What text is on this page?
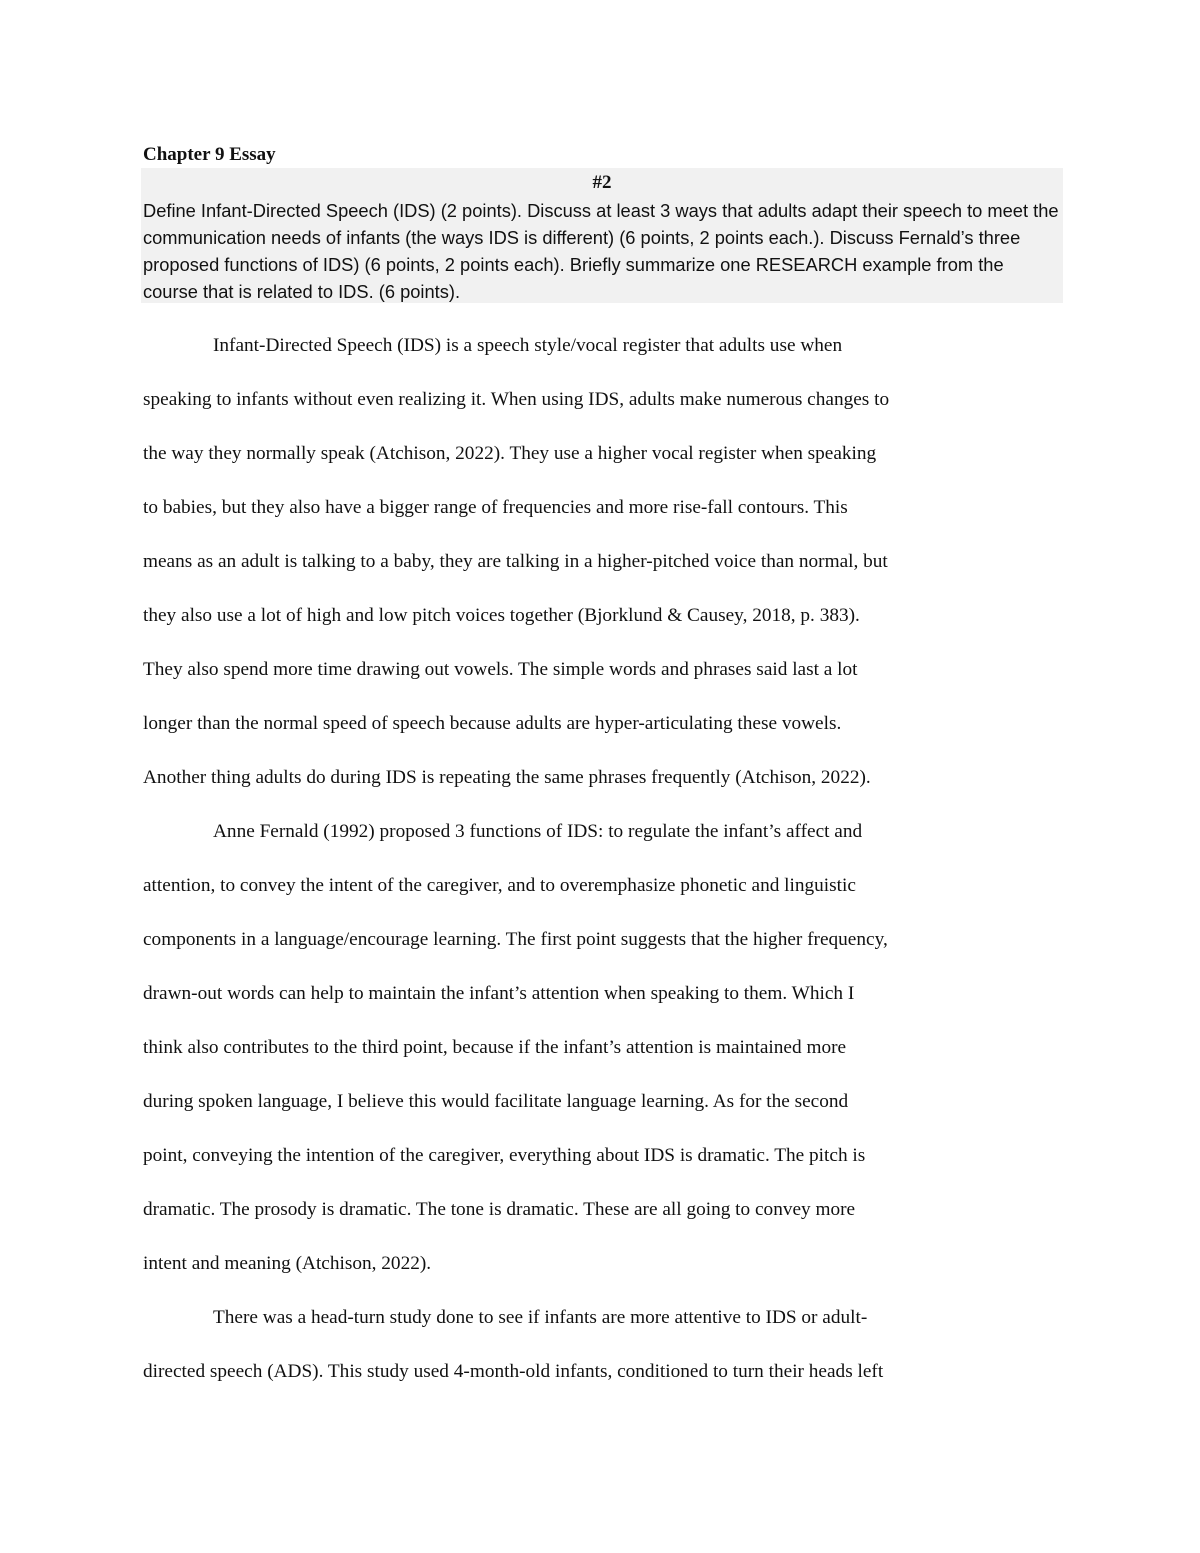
Chapter 9 Essay
#2

Define Infant-Directed Speech (IDS) (2 points). Discuss at least 3 ways that adults adapt their speech to meet the communication needs of infants (the ways IDS is different) (6 points, 2 points each.). Discuss Fernald’s three proposed functions of IDS) (6 points, 2 points each). Briefly summarize one RESEARCH example from the course that is related to IDS. (6 points).

Infant-Directed Speech (IDS) is a speech style/vocal register that adults use when
speaking to infants without even realizing it. When using IDS, adults make numerous changes to
the way they normally speak (Atchison, 2022). They use a higher vocal register when speaking
to babies, but they also have a bigger range of frequencies and more rise-fall contours. This
means as an adult is talking to a baby, they are talking in a higher-pitched voice than normal, but
they also use a lot of high and low pitch voices together (Bjorklund & Causey, 2018, p. 383).
They also spend more time drawing out vowels. The simple words and phrases said last a lot
longer than the normal speed of speech because adults are hyper-articulating these vowels.
Another thing adults do during IDS is repeating the same phrases frequently (Atchison, 2022).
Anne Fernald (1992) proposed 3 functions of IDS: to regulate the infant’s affect and
attention, to convey the intent of the caregiver, and to overemphasize phonetic and linguistic
components in a language/encourage learning. The first point suggests that the higher frequency,
drawn-out words can help to maintain the infant’s attention when speaking to them. Which I
think also contributes to the third point, because if the infant’s attention is maintained more
during spoken language, I believe this would facilitate language learning. As for the second
point, conveying the intention of the caregiver, everything about IDS is dramatic. The pitch is
dramatic. The prosody is dramatic. The tone is dramatic. These are all going to convey more
intent and meaning (Atchison, 2022).
There was a head-turn study done to see if infants are more attentive to IDS or adult-
directed speech (ADS). This study used 4-month-old infants, conditioned to turn their heads left
